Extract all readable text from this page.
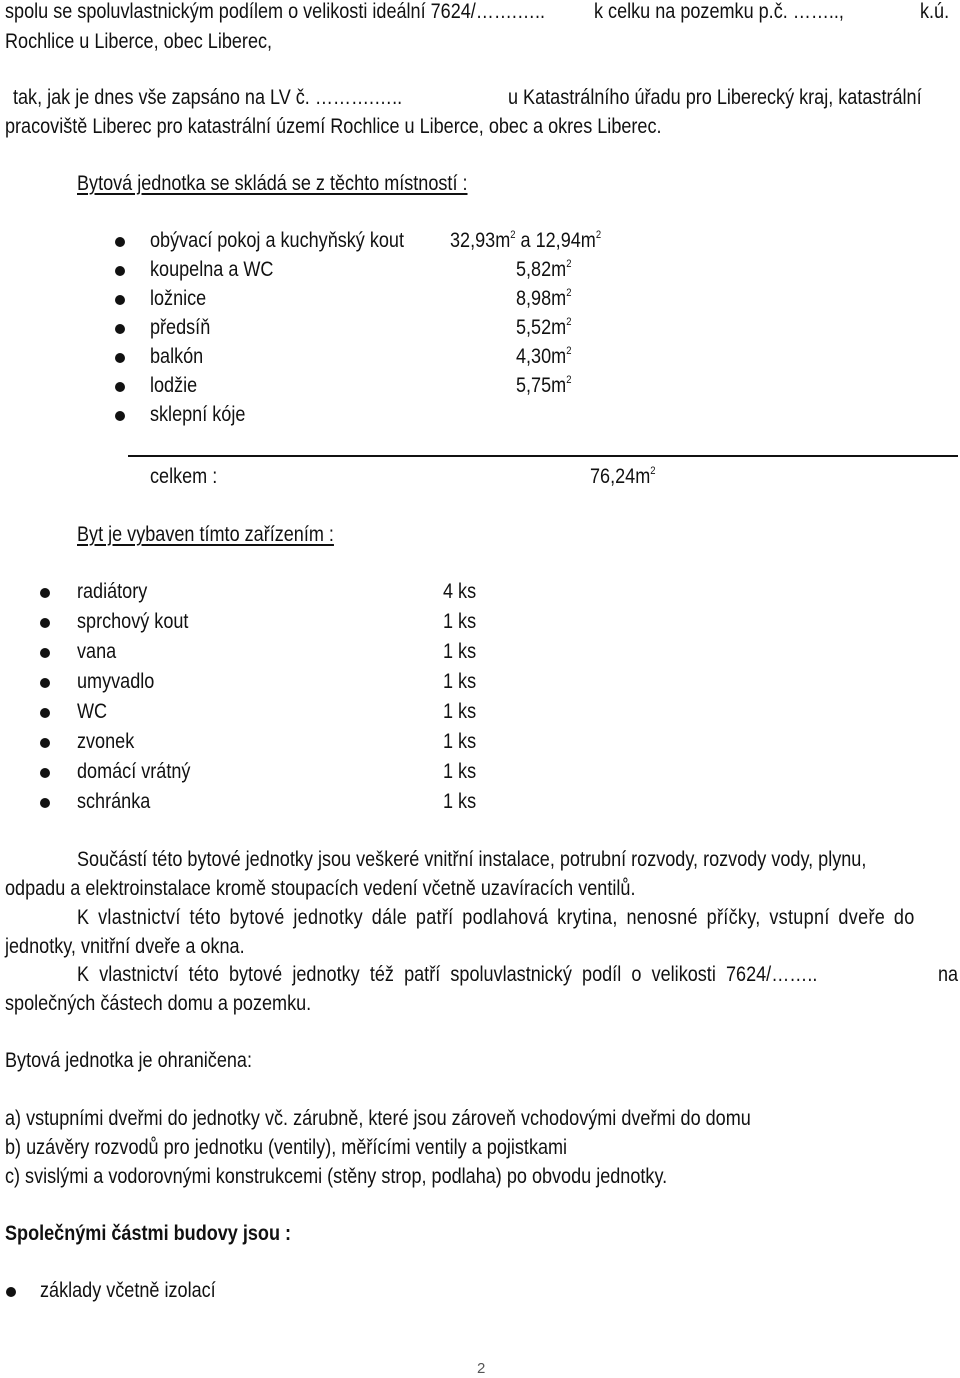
spolu se spoluvlastnickým podílem o velikosti ideální 7624/…….….. k celku na pozemku p.č. ……..,	k.ú.
Rochlice u Liberce, obec Liberec,
tak, jak je dnes vše zapsáno na LV č. ……….…..	u Katastrálního úřadu pro Liberecký kraj, katastrální
pracoviště Liberec pro katastrální území Rochlice u Liberce, obec a okres Liberec.
Bytová jednotka se skládá se z těchto místností :
obývací pokoj a kuchyňský kout $32,93m^2$ a $12,94m^2$
koupelna a WC	$5,82m^2$
ložnice	$8,98m^2$
předsíň	$5,52m^2$
balkón	$4,30m^2$
lodžie	$5,75m^2$
sklepní kóje
celkem :	$76,24m^2$
Byt je vybaven tímto zařízením :
radiátory	4 ks
sprchový kout	1 ks
vana	1 ks
umyvadlo	1 ks
WC	1 ks
zvonek	1 ks
domácí vrátný	1 ks
schránka	1 ks
Součástí této bytové jednotky jsou veškeré vnitřní instalace, potrubní rozvody, rozvody vody, plynu,
odpadu a elektroinstalace kromě stoupacích vedení včetně uzavíracích ventilů.
K vlastnictví této bytové jednotky dále patří podlahová krytina, nenosné příčky, vstupní dveře do
jednotky, vnitřní dveře a okna.
K vlastnictví této bytové jednotky též patří spoluvlastnický podíl o velikosti 7624/……..	na
společných částech domu a pozemku.
Bytová jednotka je ohraničena:
a) vstupními dveřmi do jednotky vč. zárubně, které jsou zároveň vchodovými dveřmi do domu
b) uzávěry rozvodů pro jednotku (ventily), měřícími ventily a pojistkami
c) svislými a vodorovnými konstrukcemi (stěny strop, podlaha) po obvodu jednotky.
Společnými částmi budovy jsou :
základy včetně izolací
2
